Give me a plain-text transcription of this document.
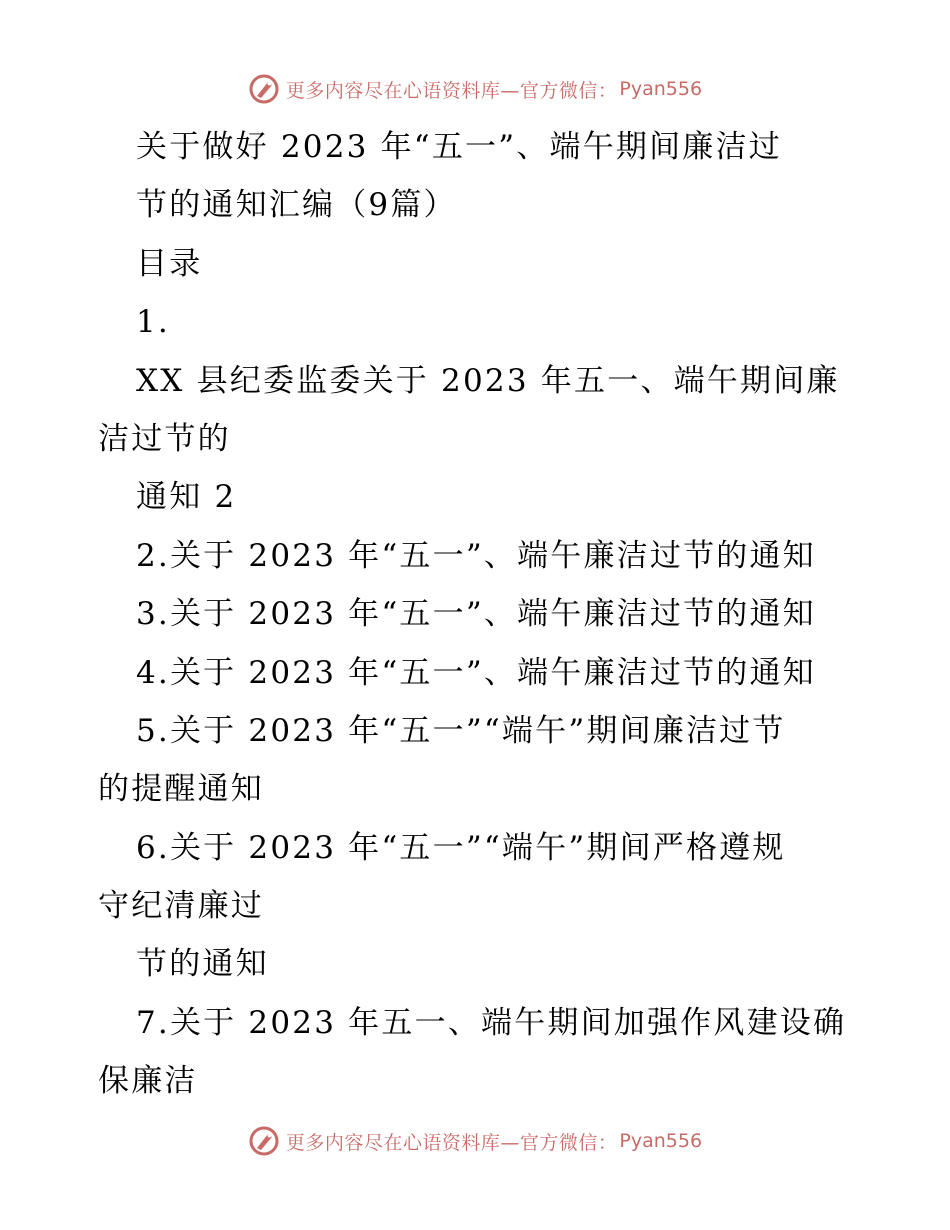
更多内容尽在心语资料库—官方微信： Pyan556
关于做好 2023 年“五一”、端午期间廉洁过
节的通知汇编（9篇）
目录
1.
XX 县纪委监委关于 2023 年五一、端午期间廉
洁过节的
通知 2
2.关于 2023 年“五一”、端午廉洁过节的通知
3.关于 2023 年“五一”、端午廉洁过节的通知
4.关于 2023 年“五一”、端午廉洁过节的通知
5.关于 2023 年“五一”“端午”期间廉洁过节
的提醒通知
6.关于 2023 年“五一”“端午”期间严格遵规
守纪清廉过
节的通知
7.关于 2023 年五一、端午期间加强作风建设确
保廉洁
更多内容尽在心语资料库—官方微信： Pyan556
